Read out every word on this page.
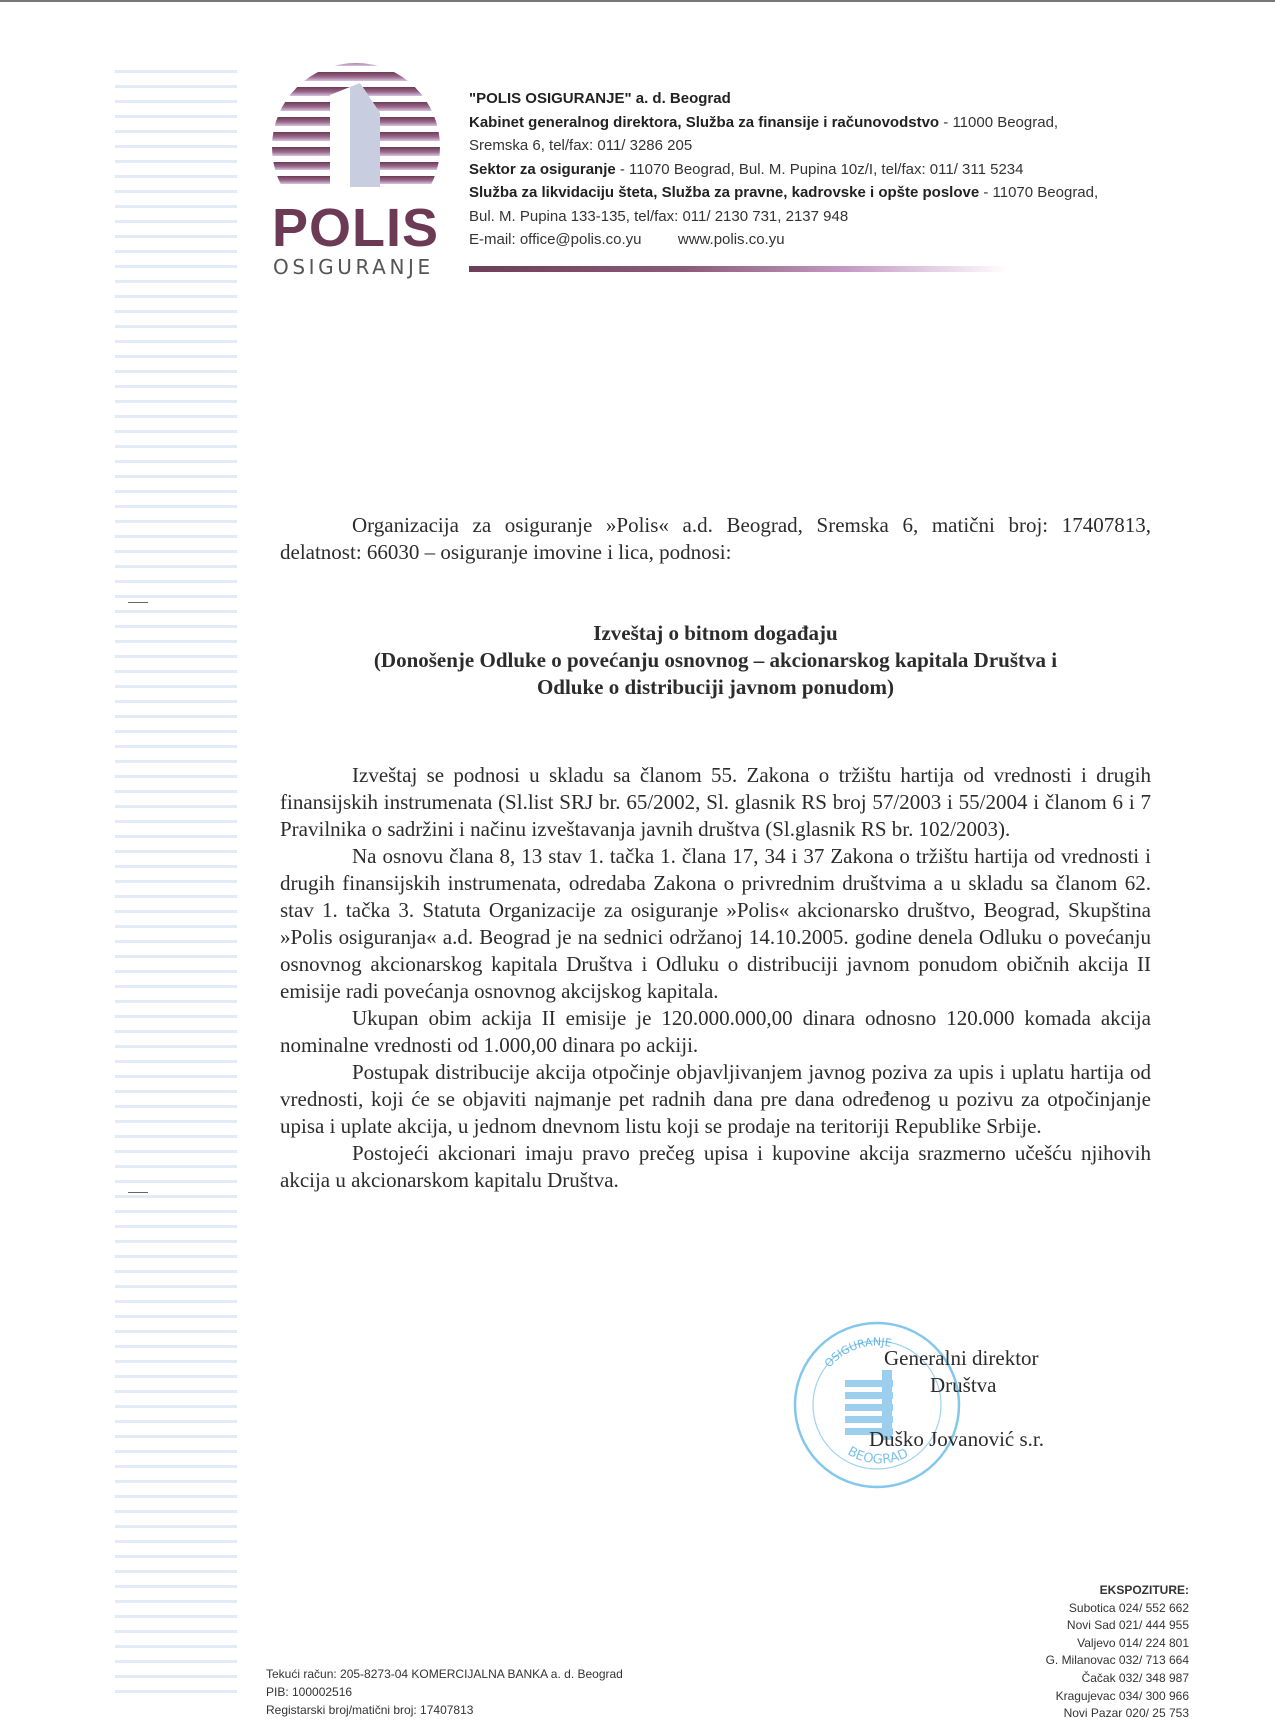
POLIS
OSIGURANJE
"POLIS OSIGURANJE" a. d. Beograd
Kabinet generalnog direktora, Služba za finansije i računovodstvo - 11000 Beograd,
Sremska 6, tel/fax: 011/ 3286 205
Sektor za osiguranje - 11070 Beograd, Bul. M. Pupina 10z/I, tel/fax: 011/ 311 5234
Služba za likvidaciju šteta, Služba za pravne, kadrovske i opšte poslove - 11070 Beograd,
Bul. M. Pupina 133-135, tel/fax: 011/ 2130 731, 2137 948
E-mail: office@polis.co.yu www.polis.co.yu
Organizacija za osiguranje »Polis« a.d. Beograd, Sremska 6, matični broj: 17407813, delatnost: 66030 – osiguranje imovine i lica, podnosi:
Izveštaj o bitnom događaju
(Donošenje Odluke o povećanju osnovnog – akcionarskog kapitala Društva i
Odluke o distribuciji javnom ponudom)

Izveštaj se podnosi u skladu sa članom 55. Zakona o tržištu hartija od vrednosti i drugih finansijskih instrumenata (Sl.list SRJ br. 65/2002, Sl. glasnik RS broj 57/2003 i 55/2004 i članom 6 i 7 Pravilnika o sadržini i načinu izveštavanja javnih društva (Sl.glasnik RS br. 102/2003).

Na osnovu člana 8, 13 stav 1. tačka 1. člana 17, 34 i 37 Zakona o tržištu hartija od vrednosti i drugih finansijskih instrumenata, odredaba Zakona o privrednim društvima a u skladu sa članom 62. stav 1. tačka 3. Statuta Organizacije za osiguranje »Polis« akcionarsko društvo, Beograd, Skupština »Polis osiguranja« a.d. Beograd je na sednici održanoj 14.10.2005. godine denela Odluku o povećanju osnovnog akcionarskog kapitala Društva i Odluku o distribuciji javnom ponudom običnih akcija II emisije radi povećanja osnovnog akcijskog kapitala.

Ukupan obim ackija II emisije je 120.000.000,00 dinara odnosno 120.000 komada akcija nominalne vrednosti od 1.000,00 dinara po ackiji.

Postupak distribucije akcija otpočinje objavljivanjem javnog poziva za upis i uplatu hartija od vrednosti, koji će se objaviti najmanje pet radnih dana pre dana određenog u pozivu za otpočinjanje upisa i uplate akcija, u jednom dnevnom listu koji se prodaje na teritoriji Republike Srbije.

Postojeći akcionari imaju pravo prečeg upisa i kupovine akcija srazmerno učešću njihovih akcija u akcionarskom kapitalu Društva.

OSIGURANJE
BEOGRAD
Generalni direktor
Društva
Duško Jovanović s.r.
Tekući račun: 205-8273-04 KOMERCIJALNA BANKA a. d. Beograd
PIB: 100002516
Registarski broj/matični broj: 17407813
EKSPOZITURE:
Subotica 024/ 552 662
Novi Sad 021/ 444 955
Valjevo 014/ 224 801
G. Milanovac 032/ 713 664
Čačak 032/ 348 987
Kragujevac 034/ 300 966
Novi Pazar 020/ 25 753
